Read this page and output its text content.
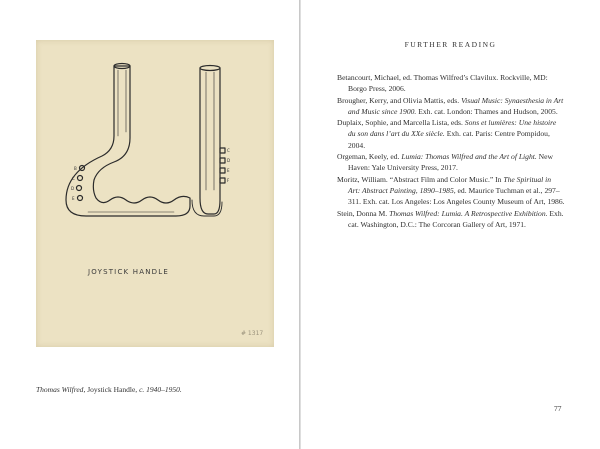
B
C
D
E
C
D
E
F
JOYSTICK HANDLE
# 1317
Thomas Wilfred, Joystick Handle, c. 1940–1950.
FURTHER READING
Betancourt, Michael, ed. Thomas Wilfred’s Clavilux. Rockville, MD: Borgo Press, 2006.
Brougher, Kerry, and Olivia Mattis, eds. Visual Music: Synaesthesia in Art and Music since 1900. Exh. cat. London: Thames and Hudson, 2005.
Duplaix, Sophie, and Marcella Lista, eds. Sons et lumières: Une histoire du son dans l’art du XXe siècle. Exh. cat. Paris: Centre Pompidou, 2004.
Orgeman, Keely, ed. Lumia: Thomas Wilfred and the Art of Light. New Haven: Yale University Press, 2017.
Moritz, William. “Abstract Film and Color Music.” In The Spiritual in Art: Abstract Painting, 1890–1985, ed. Maurice Tuchman et al., 297–311. Exh. cat. Los Angeles: Los Angeles County Museum of Art, 1986.
Stein, Donna M. Thomas Wilfred: Lumia. A Retrospective Exhibition. Exh. cat. Washington, D.C.: The Corcoran Gallery of Art, 1971.
77
